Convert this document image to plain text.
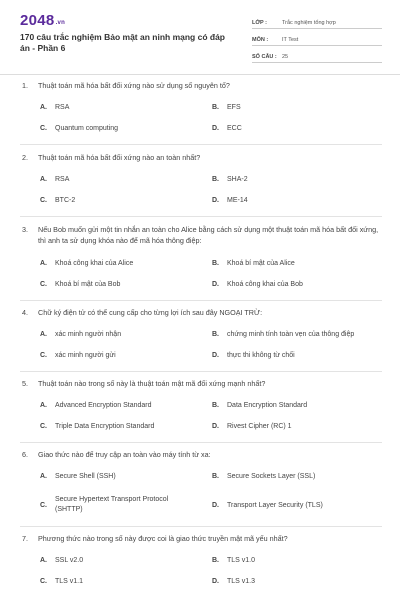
2048.vn
170 câu trắc nghiệm Bảo mật an ninh mạng có đáp án - Phần 6
LỚP :	Trắc nghiệm tổng hợp
MÔN :	IT Test
SỐ CÂU : 25
1.	Thuật toán mã hóa bất đối xứng nào sử dụng số nguyên tố?
A. RSA	B. EFS
C. Quantum computing	D. ECC
2.	Thuật toán mã hóa bất đối xứng nào an toàn nhất?
A. RSA	B. SHA-2
C. BTC-2	D. ME-14
3.	Nếu Bob muốn gửi một tin nhắn an toàn cho Alice bằng cách sử dụng một thuật toán mã hóa bất đối xứng, thì anh ta sử dụng khóa nào để mã hóa thông điệp:
A. Khoá công khai của Alice	B. Khoá bí mật của Alice
C. Khoá bí mật của Bob	D. Khoá công khai của Bob
4.	Chữ ký điện tử có thể cung cấp cho từng lợi ích sau đây NGOẠI TRỪ:
A. xác minh người nhận	B. chứng minh tính toàn vẹn của thông điệp
C. xác minh người gửi	D. thực thi không từ chối
5.	Thuật toán nào trong số này là thuật toán mật mã đối xứng mạnh nhất?
A. Advanced Encryption Standard	B. Data Encryption Standard
C. Triple Data Encryption Standard	D. Rivest Cipher (RC) 1
6.	Giao thức nào để truy cập an toàn vào máy tính từ xa:
A. Secure Shell (SSH)	B. Secure Sockets Layer (SSL)
C.
Secure Hypertext Transport Protocol (SHTTP)
D. Transport Layer Security (TLS)
7.	Phương thức nào trong số này được coi là giao thức truyền mật mã yếu nhất?
A. SSL v2.0	B. TLS v1.0
C. TLS v1.1	D. TLS v1.3
